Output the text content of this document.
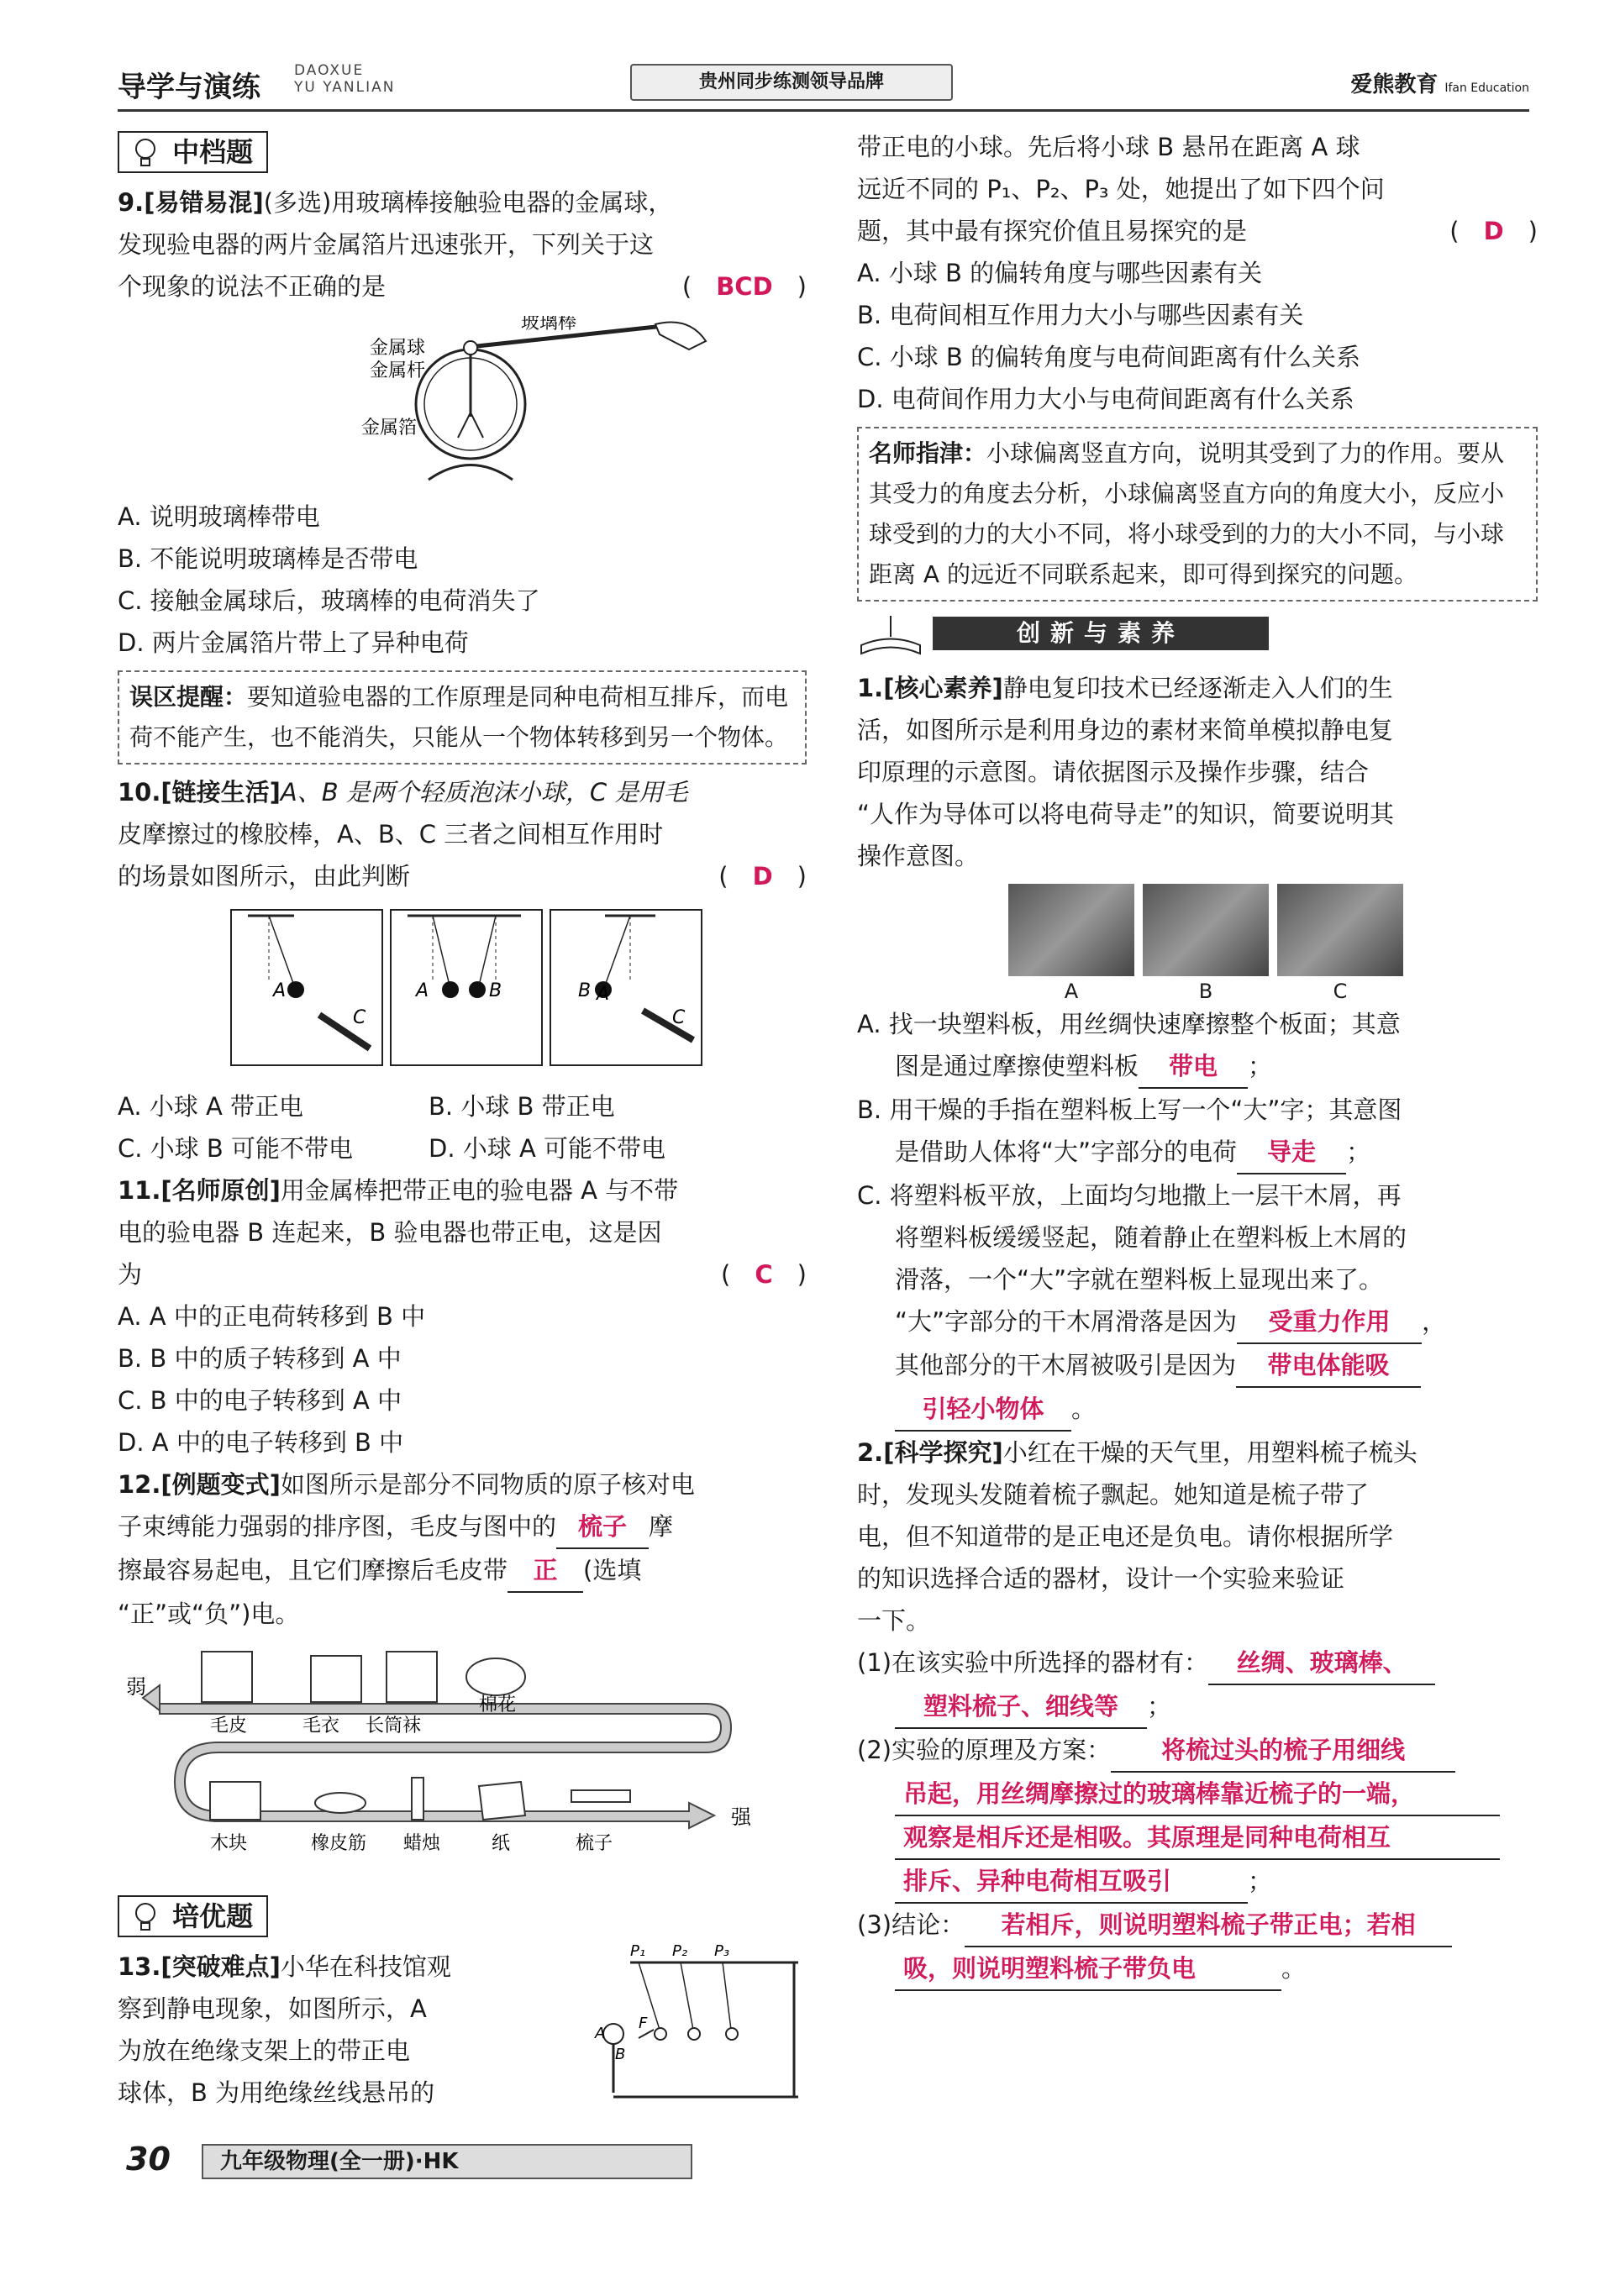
导学与演练 DAOXUE
YU YANLIAN	贵州同步练测领导品牌	爱熊教育 Ifan Education
中档题

9.[易错易混](多选)用玻璃棒接触验电器的金属球，

发现验电器的两片金属箔片迅速张开，下列关于这

个现象的说法不正确的是	(　BCD　)

金属球
金属杆
金属箔
玻璃棒

A. 说明玻璃棒带电

B. 不能说明玻璃棒是否带电

C. 接触金属球后，玻璃棒的电荷消失了

D. 两片金属箔片带上了异种电荷

误区提醒：要知道验电器的工作原理是同种电荷相互排斥，而电荷不能产生，也不能消失，只能从一个物体转移到另一个物体。

10.[链接生活]A、B 是两个轻质泡沫小球，C 是用毛

皮摩擦过的橡胶棒，A、B、C 三者之间相互作用时

的场景如图所示，由此判断	(　D　)

A
C
A	B	B A
C

A. 小球 A 带正电	B. 小球 B 带正电

C. 小球 B 可能不带电	D. 小球 A 可能不带电

11.[名师原创]用金属棒把带正电的验电器 A 与不带

电的验电器 B 连起来，B 验电器也带正电，这是因

为	(　C　)

A. A 中的正电荷转移到 B 中

B. B 中的质子转移到 A 中

C. B 中的电子转移到 A 中

D. A 中的电子转移到 B 中

12.[例题变式]如图所示是部分不同物质的原子核对电

子束缚能力强弱的排序图，毛皮与图中的 梳子 摩

擦最容易起电，且它们摩擦后毛皮带 正 (选填

“正”或“负”)电。

弱
强
毛皮	毛衣 长筒袜
棉花
木块	橡皮筋 蜡烛	纸	梳子
培优题

13.[突破难点]小华在科技馆观

察到静电现象，如图所示，A

为放在绝缘支架上的带正电

球体，B 为用绝缘丝线悬吊的

P₁ P₂ P₃
A
F
B

带正电的小球。先后将小球 B 悬吊在距离 A 球

远近不同的 P₁、P₂、P₃ 处，她提出了如下四个问

题，其中最有探究价值且易探究的是	(　D　)

A. 小球 B 的偏转角度与哪些因素有关

B. 电荷间相互作用力大小与哪些因素有关

C. 小球 B 的偏转角度与电荷间距离有什么关系

D. 电荷间作用力大小与电荷间距离有什么关系

名师指津：小球偏离竖直方向，说明其受到了力的作用。要从其受力的角度去分析，小球偏离竖直方向的角度大小，反应小球受到的力的大小不同，将小球受到的力的大小不同，与小球距离 A 的远近不同联系起来，即可得到探究的问题。
创新与素养

1.[核心素养]静电复印技术已经逐渐走入人们的生

活，如图所示是利用身边的素材来简单模拟静电复

印原理的示意图。请依据图示及操作步骤，结合

“人作为导体可以将电荷导走”的知识，简要说明其

操作意图。

A	B	C

A. 找一块塑料板，用丝绸快速摩擦整个板面；其意

图是通过摩擦使塑料板 带电 ；

B. 用干燥的手指在塑料板上写一个“大”字；其意图

是借助人体将“大”字部分的电荷 导走 ；

C. 将塑料板平放，上面均匀地撒上一层干木屑，再

将塑料板缓缓竖起，随着静止在塑料板上木屑的

滑落，一个“大”字就在塑料板上显现出来了。

“大”字部分的干木屑滑落是因为 受重力作用 ，

其他部分的干木屑被吸引是因为 带电体能吸

引轻小物体 。

2.[科学探究]小红在干燥的天气里，用塑料梳子梳头

时，发现头发随着梳子飘起。她知道是梳子带了

电，但不知道带的是正电还是负电。请你根据所学

的知识选择合适的器材，设计一个实验来验证

一下。

(1)在该实验中所选择的器材有： 丝绸、玻璃棒、

塑料梳子、细线等 ；

(2)实验的原理及方案： 将梳过头的梳子用细线

吊起，用丝绸摩擦过的玻璃棒靠近梳子的一端，

观察是相斥还是相吸。其原理是同种电荷相互

排斥、异种电荷相互吸引	；

(3)结论： 若相斥，则说明塑料梳子带正电；若相

吸，则说明塑料梳子带负电	。

30	九年级物理(全一册)·HK
